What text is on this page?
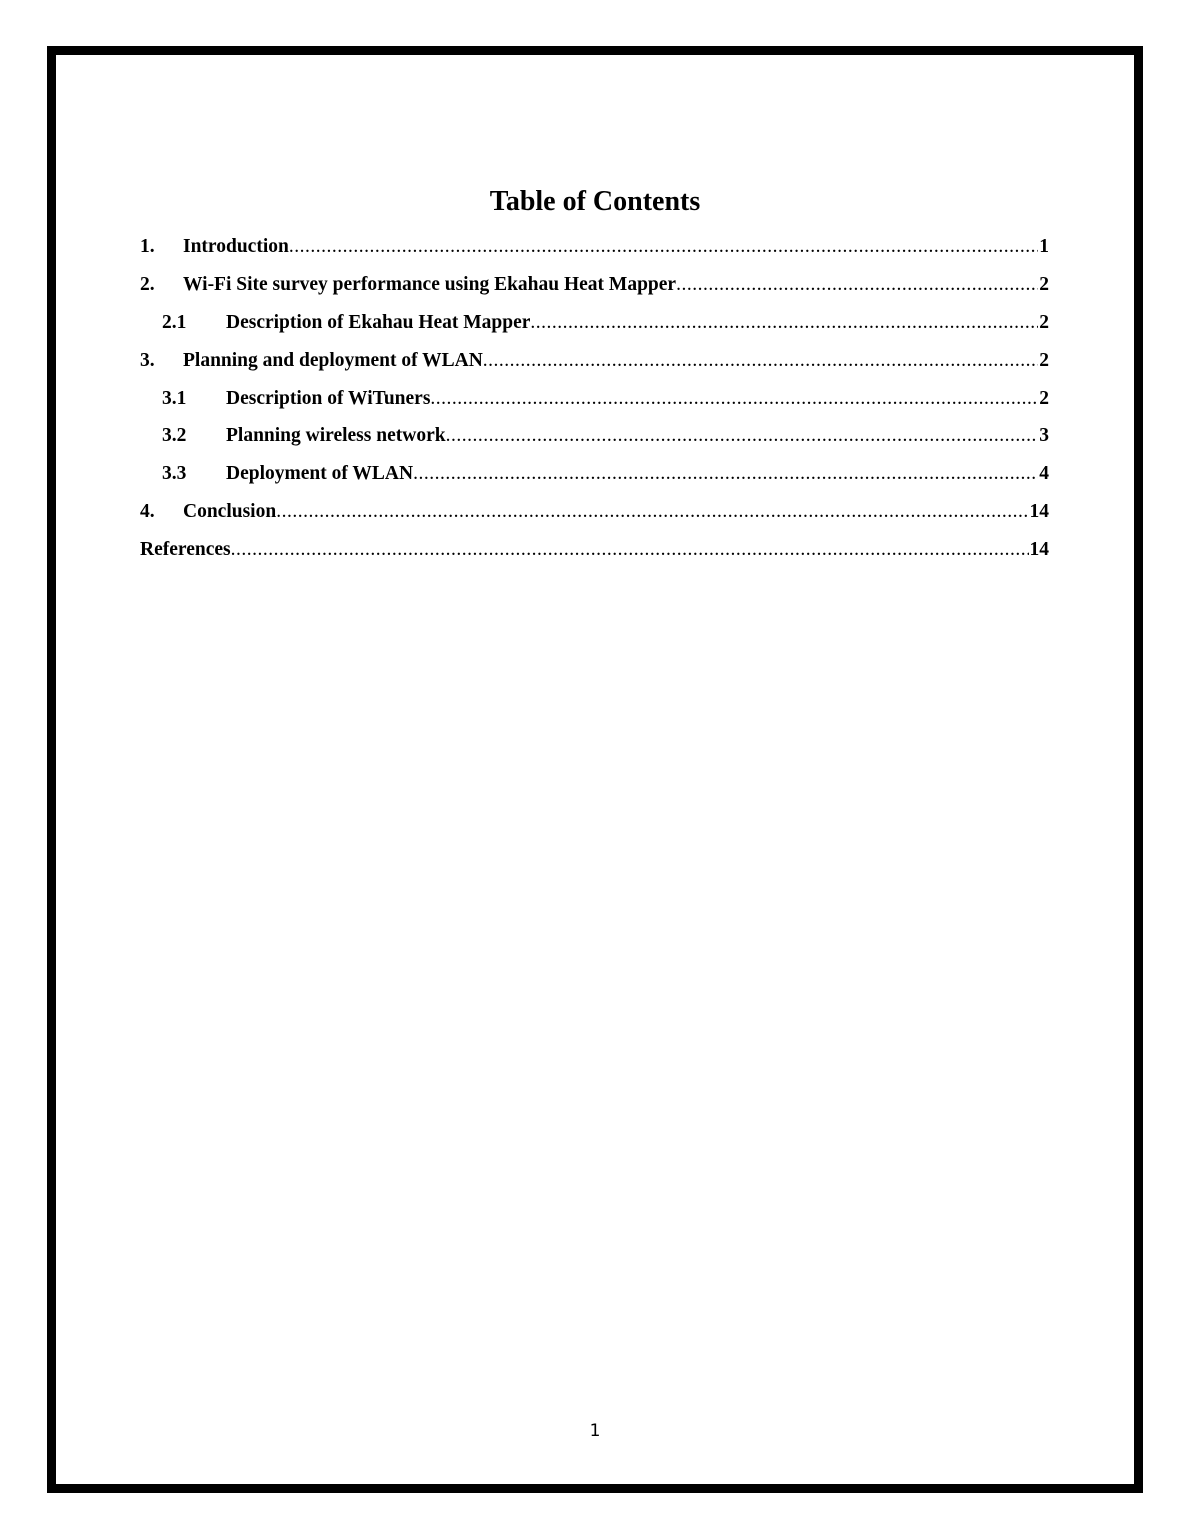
Table of Contents
1.	Introduction .....	1
2.	Wi-Fi Site survey performance using Ekahau Heat Mapper .....	2
2.1	Description of Ekahau Heat Mapper .....	2
3.	Planning and deployment of WLAN .....	2
3.1	Description of WiTuners .....	2
3.2	Planning wireless network .....	3
3.3	Deployment of WLAN .....	4
4.	Conclusion .....	14
References .....	14
1
